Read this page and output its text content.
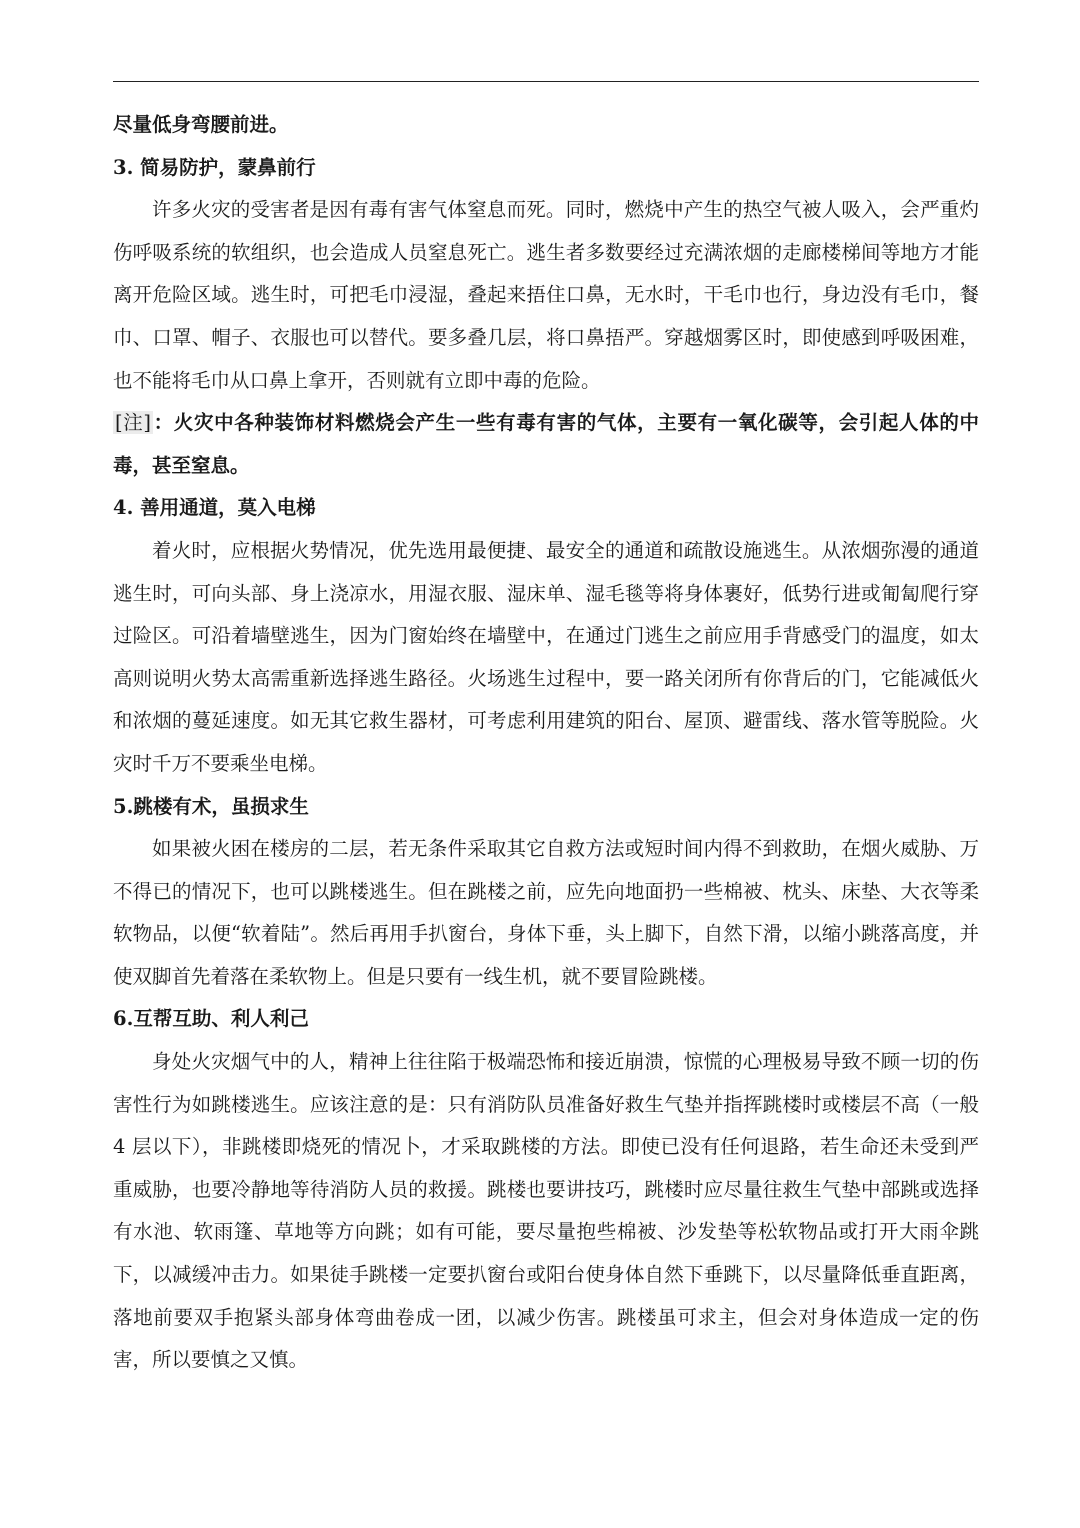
尽量低身弯腰前进。

3. 简易防护，蒙鼻前行

许多火灾的受害者是因有毒有害气体窒息而死。同时，燃烧中产生的热空气被人吸入，会严重灼伤呼吸系统的软组织，也会造成人员窒息死亡。逃生者多数要经过充满浓烟的走廊楼梯间等地方才能离开危险区域。逃生时，可把毛巾浸湿，叠起来捂住口鼻，无水时，干毛巾也行，身边没有毛巾，餐巾、口罩、帽子、衣服也可以替代。要多叠几层，将口鼻捂严。穿越烟雾区时，即使感到呼吸困难，也不能将毛巾从口鼻上拿开，否则就有立即中毒的危险。

[注] ：火灾中各种装饰材料燃烧会产生一些有毒有害的气体，主要有一氧化碳等，会引起人体的中毒，甚至窒息。

4. 善用通道，莫入电梯

着火时，应根据火势情况，优先选用最便捷、最安全的通道和疏散设施逃生。从浓烟弥漫的通道逃生时，可向头部、身上浇凉水，用湿衣服、湿床单、湿毛毯等将身体裹好，低势行进或匍匐爬行穿过险区。可沿着墙壁逃生，因为门窗始终在墙壁中，在通过门逃生之前应用手背感受门的温度，如太高则说明火势太高需重新选择逃生路径。火场逃生过程中，要一路关闭所有你背后的门，它能减低火和浓烟的蔓延速度。如无其它救生器材，可考虑利用建筑的阳台、屋顶、避雷线、落水管等脱险。火灾时千万不要乘坐电梯。

5.跳楼有术，虽损求生

如果被火困在楼房的二层，若无条件采取其它自救方法或短时间内得不到救助，在烟火威胁、万不得已的情况下，也可以跳楼逃生。但在跳楼之前，应先向地面扔一些棉被、枕头、床垫、大衣等柔软物品，以便“软着陆”。然后再用手扒窗台，身体下垂，头上脚下，自然下滑，以缩小跳落高度，并使双脚首先着落在柔软物上。但是只要有一线生机，就不要冒险跳楼。

6.互帮互助、利人利己

身处火灾烟气中的人，精神上往往陷于极端恐怖和接近崩溃，惊慌的心理极易导致不顾一切的伤害性行为如跳楼逃生。应该注意的是：只有消防队员准备好救生气垫并指挥跳楼时或楼层不高（一般 4 层以下），非跳楼即烧死的情况卜，才采取跳楼的方法。即使已没有任何退路，若生命还未受到严重威胁，也要冷静地等待消防人员的救援。跳楼也要讲技巧，跳楼时应尽量往救生气垫中部跳或选择有水池、软雨篷、草地等方向跳；如有可能，要尽量抱些棉被、沙发垫等松软物品或打开大雨伞跳下，以减缓冲击力。如果徒手跳楼一定要扒窗台或阳台使身体自然下垂跳下，以尽量降低垂直距离，落地前要双手抱紧头部身体弯曲卷成一团，以减少伤害。跳楼虽可求主，但会对身体造成一定的伤害，所以要慎之又慎。
